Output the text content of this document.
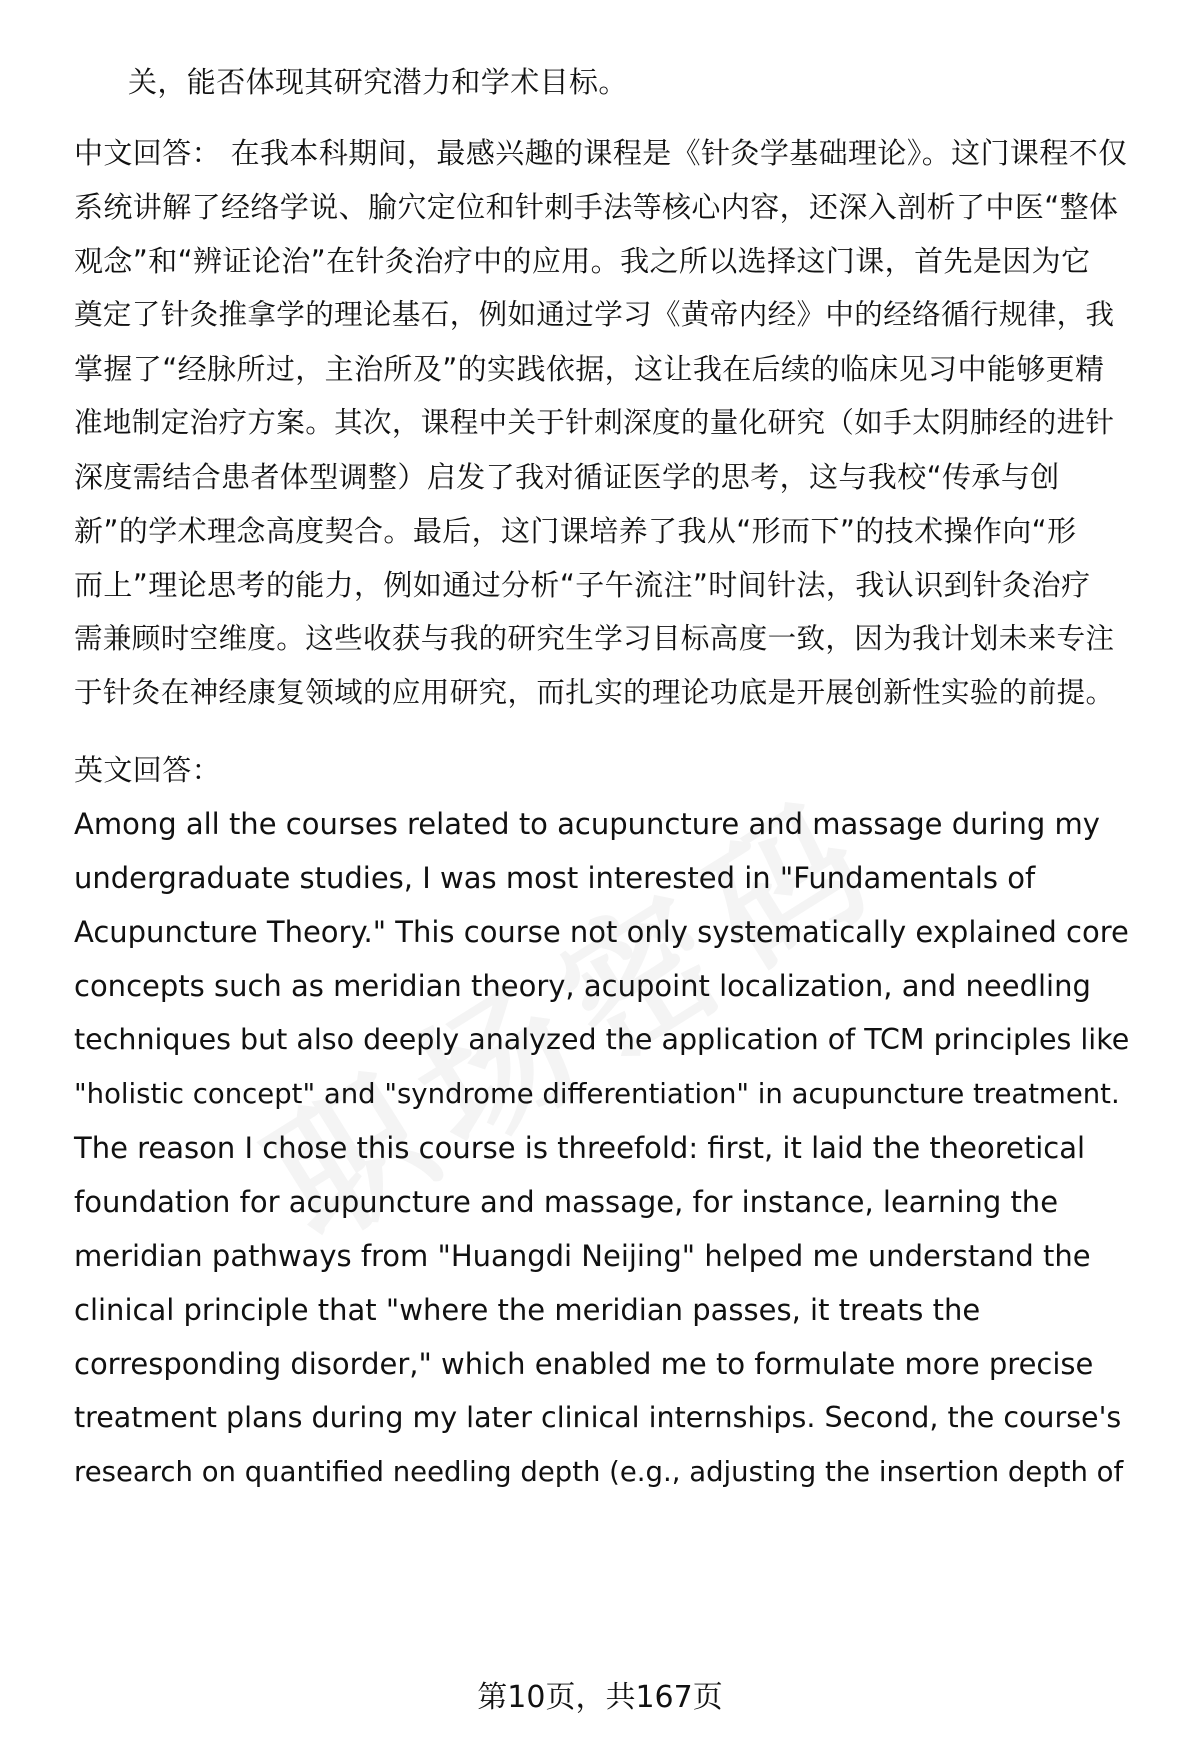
关，能否体现其研究潜力和学术目标。
中文回答： 在我本科期间，最感兴趣的课程是《针灸学基础理论》。这门课程不仅
系统讲解了经络学说、腧穴定位和针刺手法等核心内容，还深入剖析了中医“整体
观念”和“辨证论治”在针灸治疗中的应用。我之所以选择这门课，首先是因为它
奠定了针灸推拿学的理论基石，例如通过学习《黄帝内经》中的经络循行规律，我
掌握了“经脉所过，主治所及”的实践依据，这让我在后续的临床见习中能够更精
准地制定治疗方案。其次，课程中关于针刺深度的量化研究（如手太阴肺经的进针
深度需结合患者体型调整）启发了我对循证医学的思考，这与我校“传承与创
新”的学术理念高度契合。最后，这门课培养了我从“形而下”的技术操作向“形
而上”理论思考的能力，例如通过分析“子午流注”时间针法，我认识到针灸治疗
需兼顾时空维度。这些收获与我的研究生学习目标高度一致，因为我计划未来专注
于针灸在神经康复领域的应用研究，而扎实的理论功底是开展创新性实验的前提。
英文回答：
Among all the courses related to acupuncture and massage during my
undergraduate studies, I was most interested in "Fundamentals of
Acupuncture Theory." This course not only systematically explained core
concepts such as meridian theory, acupoint localization, and needling
techniques but also deeply analyzed the application of TCM principles like
"holistic concept" and "syndrome differentiation" in acupuncture treatment.
The reason I chose this course is threefold: first, it laid the theoretical
foundation for acupuncture and massage, for instance, learning the
meridian pathways from "Huangdi Neijing" helped me understand the
clinical principle that "where the meridian passes, it treats the
corresponding disorder," which enabled me to formulate more precise
treatment plans during my later clinical internships. Second, the course's
research on quantified needling depth (e.g., adjusting the insertion depth of
第10页，共167页
